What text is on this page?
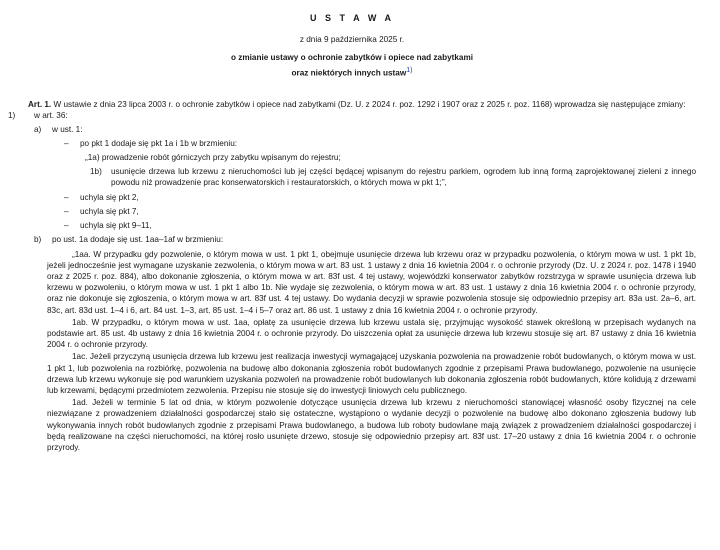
U S T A W A
z dnia 9 października 2025 r.
o zmianie ustawy o ochronie zabytków i opiece nad zabytkami
oraz niektórych innych ustaw$^{1)}$
Art. 1. W ustawie z dnia 23 lipca 2003 r. o ochronie zabytków i opiece nad zabytkami (Dz. U. z 2024 r. poz. 1292 i 1907 oraz z 2025 r. poz. 1168) wprowadza się następujące zmiany:
1) w art. 36:
a) w ust. 1:
– po pkt 1 dodaje się pkt 1a i 1b w brzmieniu:
„1a) prowadzenie robót górniczych przy zabytku wpisanym do rejestru;
1b)	usunięcie drzewa lub krzewu z nieruchomości lub jej części będącej wpisanym do rejestru parkiem, ogrodem lub inną formą zaprojektowanej zieleni z innego powodu niż prowadzenie prac konserwatorskich i restauratorskich, o których mowa w pkt 1;”,
– uchyla się pkt 2,
– uchyla się pkt 7,
– uchyla się pkt 9–11,
b) po ust. 1a dodaje się ust. 1aa–1af w brzmieniu:
„1aa. W przypadku gdy pozwolenie, o którym mowa w ust. 1 pkt 1, obejmuje usunięcie drzewa lub krzewu oraz w przypadku pozwolenia, o którym mowa w ust. 1 pkt 1b, jeżeli jednocześnie jest wymagane uzyskanie zezwolenia, o którym mowa w art. 83 ust. 1 ustawy z dnia 16 kwietnia 2004 r. o ochronie przyrody (Dz. U. z 2024 r. poz. 1478 i 1940 oraz z 2025 r. poz. 884), albo dokonanie zgłoszenia, o którym mowa w art. 83f ust. 4 tej ustawy, wojewódzki konserwator zabytków rozstrzyga w sprawie usunięcia drzewa lub krzewu w pozwoleniu, o którym mowa w ust. 1 pkt 1 albo 1b. Nie wydaje się zezwolenia, o którym mowa w art. 83 ust. 1 ustawy z dnia 16 kwietnia 2004 r. o ochronie przyrody, oraz nie dokonuje się zgłoszenia, o którym mowa w art. 83f ust. 4 tej ustawy. Do wydania decyzji w sprawie pozwolenia stosuje się odpowiednio przepisy art. 83a ust. 2a–6, art. 83c, art. 83d ust. 1–4 i 6, art. 84 ust. 1–3, art. 85 ust. 1–4 i 5–7 oraz art. 86 ust. 1 ustawy z dnia 16 kwietnia 2004 r. o ochronie przyrody.
1ab. W przypadku, o którym mowa w ust. 1aa, opłatę za usunięcie drzewa lub krzewu ustala się, przyjmując wysokość stawek określoną w przepisach wydanych na podstawie art. 85 ust. 4b ustawy z dnia 16 kwietnia 2004 r. o ochronie przyrody. Do uiszczenia opłat za usunięcie drzewa lub krzewu stosuje się art. 87 ustawy z dnia 16 kwietnia 2004 r. o ochronie przyrody.
1ac. Jeżeli przyczyną usunięcia drzewa lub krzewu jest realizacja inwestycji wymagającej uzyskania pozwolenia na prowadzenie robót budowlanych, o którym mowa w ust. 1 pkt 1, lub pozwolenia na rozbiórkę, pozwolenia na budowę albo dokonania zgłoszenia robót budowlanych zgodnie z przepisami Prawa budowlanego, pozwolenie na usunięcie drzewa lub krzewu wykonuje się pod warunkiem uzyskania pozwoleń na prowadzenie robót budowlanych lub dokonania zgłoszenia robót budowlanych, które kolidują z drzewami lub krzewami, będącymi przedmiotem zezwolenia. Przepisu nie stosuje się do inwestycji liniowych celu publicznego.
1ad. Jeżeli w terminie 5 lat od dnia, w którym pozwolenie dotyczące usunięcia drzewa lub krzewu z nieruchomości stanowiącej własność osoby fizycznej na cele niezwiązane z prowadzeniem działalności gospodarczej stało się ostateczne, wystąpiono o wydanie decyzji o pozwolenie na budowę albo dokonano zgłoszenia budowy lub wykonywania innych robót budowlanych zgodnie z przepisami Prawa budowlanego, a budowa lub roboty budowlane mają związek z prowadzeniem działalności gospodarczej i będą realizowane na części nieruchomości, na której rosło usunięte drzewo, stosuje się odpowiednio przepisy art. 83f ust. 17–20 ustawy z dnia 16 kwietnia 2004 r. o ochronie przyrody.
